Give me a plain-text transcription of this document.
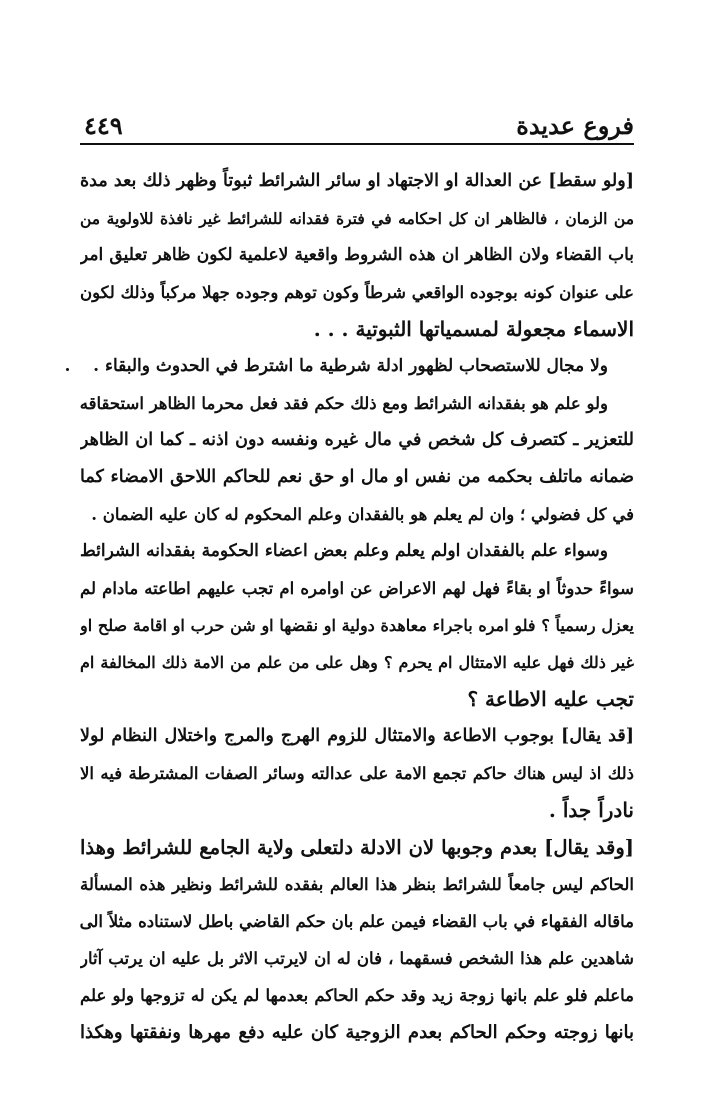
فروع عديدة
٤٤٩
[ولو سقط] عن العدالة او الاجتهاد او سائر الشرائط ثبوتاً وظهر ذلك بعد مدة
من الزمان ، فالظاهر ان كل احكامه في فترة فقدانه للشرائط غير نافذة للاولوية من
باب القضاء ولان الظاهر ان هذه الشروط واقعية لاعلمية لكون ظاهر تعليق امر
على عنوان كونه بوجوده الواقعي شرطاً وكون توهم وجوده جهلا مركباً وذلك لكون
الاسماء مجعولة لمسمياتها الثبوتية . . .
ولا مجال للاستصحاب لظهور ادلة شرطية ما اشترط في الحدوث والبقاء .
ولو علم هو بفقدانه الشرائط ومع ذلك حكم فقد فعل محرما الظاهر استحقاقه
للتعزير ـ كتصرف كل شخص في مال غيره ونفسه دون اذنه ـ كما ان الظاهر
ضمانه ماتلف بحكمه من نفس او مال او حق نعم للحاكم اللاحق الامضاء كما
في كل فضولي ؛ وان لم يعلم هو بالفقدان وعلم المحكوم له كان عليه الضمان .
وسواء علم بالفقدان اولم يعلم وعلم بعض اعضاء الحكومة بفقدانه الشرائط
سواءً حدوثاً او بقاءً فهل لهم الاعراض عن اوامره ام تجب عليهم اطاعته مادام لم
يعزل رسمياً ؟ فلو امره باجراء معاهدة دولية او نقضها او شن حرب او اقامة صلح او
غير ذلك فهل عليه الامتثال ام يحرم ؟ وهل على من علم من الامة ذلك المخالفة ام
تجب عليه الاطاعة ؟
[قد يقال] بوجوب الاطاعة والامتثال للزوم الهرج والمرج واختلال النظام لولا
ذلك اذ ليس هناك حاكم تجمع الامة على عدالته وسائر الصفات المشترطة فيه الا
نادراً جداً .
[وقد يقال] بعدم وجوبها لان الادلة دلتعلى ولاية الجامع للشرائط وهذا
الحاكم ليس جامعاً للشرائط بنظر هذا العالم بفقده للشرائط ونظير هذه المسألة
ماقاله الفقهاء في باب القضاء فيمن علم بان حكم القاضي باطل لاستناده مثلاً الى
شاهدين علم هذا الشخص فسقهما ، فان له ان لايرتب الاثر بل عليه ان يرتب آثار
ماعلم فلو علم بانها زوجة زيد وقد حكم الحاكم بعدمها لم يكن له تزوجها ولو علم
بانها زوجته وحكم الحاكم بعدم الزوجية كان عليه دفع مهرها ونفقتها وهكذا
